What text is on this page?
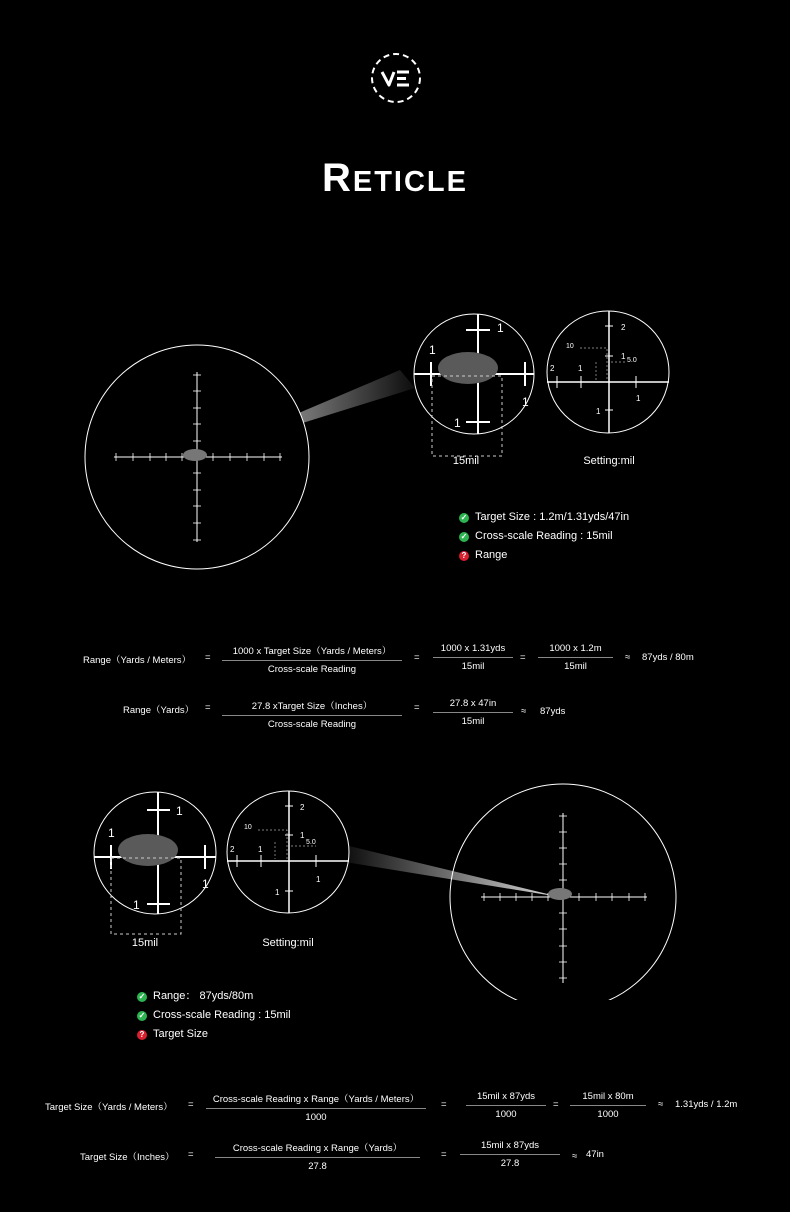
RETICLE
1
1
1
1
10
5.0
2
1
2	1
1
1
15mil	Setting:mil
✓ Target Size : 1.2m/1.31yds/47in
✓ Cross-scale Reading : 15mil
? Range
Range（Yards / Meters） =
1000 x Target Size（Yards / Meters）
Cross-scale Reading
=
1000 x 1.31yds
15mil
=
1000 x 1.2m
15mil
≈ 87yds / 80m
Range（Yards） =	27.8 xTarget Size（Inches）
Cross-scale Reading
=	27.8 x 47in
15mil
≈ 87yds
1
1
1
1
10
5.0
2
1
2	1
1
1
15mil	Setting:mil
✓ Range： 87yds/80m
✓ Cross-scale Reading : 15mil
? Target Size
Target Size（Yards / Meters） =	Cross-scale Reading x Range（Yards / Meters）
1000
=
15mil x 87yds
1000
=
15mil x 80m
1000
≈ 1.31yds / 1.2m
Target Size（Inches） =
Cross-scale Reading x Range（Yards）
27.8
=
15mil x 87yds
27.8
≈ 47in
